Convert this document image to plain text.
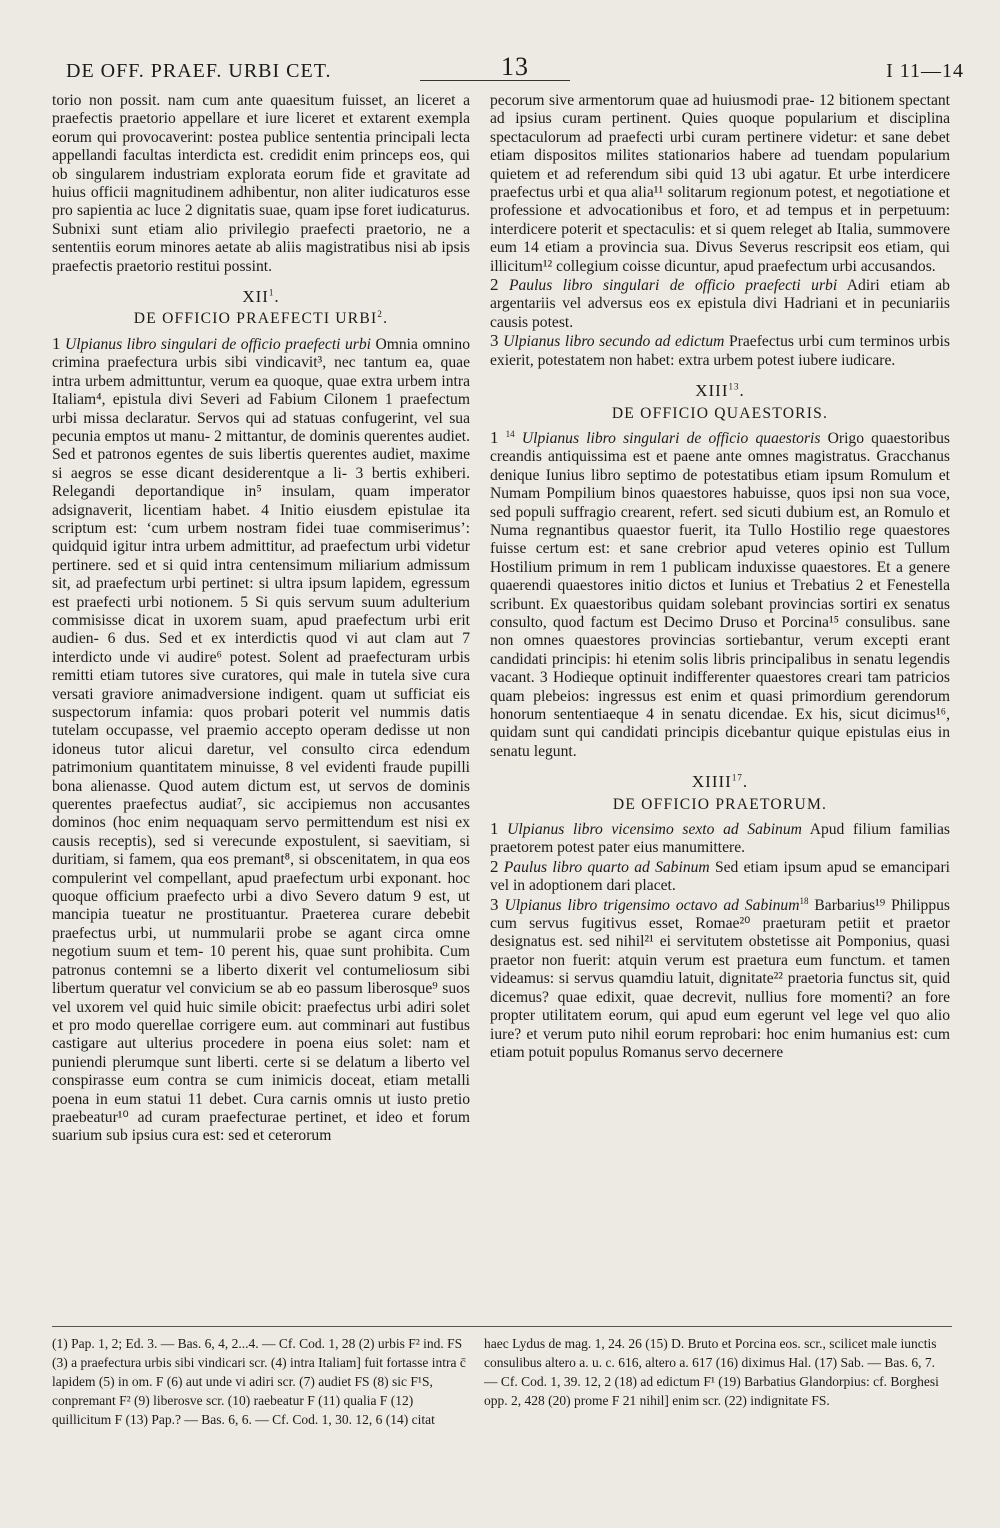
DE OFF. PRAEF. URBI CET.	13	I 11—14

torio non possit. nam cum ante quaesitum fuisset, an liceret a praefectis praetorio appellare et iure liceret et extarent exempla eorum qui provocaverint: postea publice sententia principali lecta appellandi facultas interdicta est. credidit enim princeps eos, qui ob singularem industriam explorata eorum fide et gravitate ad huius officii magnitudinem adhibentur, non aliter iudicaturos esse pro sapientia ac luce 2 dignitatis suae, quam ipse foret iudicaturus. Subnixi sunt etiam alio privilegio praefecti praetorio, ne a sententiis eorum minores aetate ab aliis magistratibus nisi ab ipsis praefectis praetorio restitui possint.

XII$^1$.
DE OFFICIO PRAEFECTI URBI$^2$.

1 Ulpianus libro singulari de officio praefecti urbi Omnia omnino crimina praefectura urbis sibi vindicavit³, nec tantum ea, quae intra urbem admittuntur, verum ea quoque, quae extra urbem intra Italiam⁴, epistula divi Severi ad Fabium Cilonem 1 praefectum urbi missa declaratur. Servos qui ad statuas confugerint, vel sua pecunia emptos ut manu- 2 mittantur, de dominis querentes audiet. Sed et patronos egentes de suis libertis querentes audiet, maxime si aegros se esse dicant desiderentque a li- 3 bertis exhiberi. Relegandi deportandique in⁵ insulam, quam imperator adsignaverit, licentiam habet. 4 Initio eiusdem epistulae ita scriptum est: ‘cum urbem nostram fidei tuae commiserimus’: quidquid igitur intra urbem admittitur, ad praefectum urbi videtur pertinere. sed et si quid intra centensimum miliarium admissum sit, ad praefectum urbi pertinet: si ultra ipsum lapidem, egressum est praefecti urbi notionem. 5 Si quis servum suum adulterium commisisse dicat in uxorem suam, apud praefectum urbi erit audien- 6 dus. Sed et ex interdictis quod vi aut clam aut 7 interdicto unde vi audire⁶ potest. Solent ad praefecturam urbis remitti etiam tutores sive curatores, qui male in tutela sive cura versati graviore animadversione indigent. quam ut sufficiat eis suspectorum infamia: quos probari poterit vel nummis datis tutelam occupasse, vel praemio accepto operam dedisse ut non idoneus tutor alicui daretur, vel consulto circa edendum patrimonium quantitatem minuisse, 8 vel evidenti fraude pupilli bona alienasse. Quod autem dictum est, ut servos de dominis querentes praefectus audiat⁷, sic accipiemus non accusantes dominos (hoc enim nequaquam servo permittendum est nisi ex causis receptis), sed si verecunde expostulent, si saevitiam, si duritiam, si famem, qua eos premant⁸, si obscenitatem, in qua eos compulerint vel compellant, apud praefectum urbi exponant. hoc quoque officium praefecto urbi a divo Severo datum 9 est, ut mancipia tueatur ne prostituantur. Praeterea curare debebit praefectus urbi, ut nummularii probe se agant circa omne negotium suum et tem- 10 perent his, quae sunt prohibita. Cum patronus contemni se a liberto dixerit vel contumeliosum sibi libertum queratur vel convicium se ab eo passum liberosque⁹ suos vel uxorem vel quid huic simile obicit: praefectus urbi adiri solet et pro modo querellae corrigere eum. aut comminari aut fustibus castigare aut ulterius procedere in poena eius solet: nam et puniendi plerumque sunt liberti. certe si se delatum a liberto vel conspirasse eum contra se cum inimicis doceat, etiam metalli poena in eum statui 11 debet. Cura carnis omnis ut iusto pretio praebeatur¹⁰ ad curam praefecturae pertinet, et ideo et forum suarium sub ipsius cura est: sed et ceterorum

pecorum sive armentorum quae ad huiusmodi prae- 12 bitionem spectant ad ipsius curam pertinent. Quies quoque popularium et disciplina spectaculorum ad praefecti urbi curam pertinere videtur: et sane debet etiam dispositos milites stationarios habere ad tuendam popularium quietem et ad referendum sibi quid 13 ubi agatur. Et urbe interdicere praefectus urbi et qua alia¹¹ solitarum regionum potest, et negotiatione et professione et advocationibus et foro, et ad tempus et in perpetuum: interdicere poterit et spectaculis: et si quem releget ab Italia, summovere eum 14 etiam a provincia sua. Divus Severus rescripsit eos etiam, qui illicitum¹² collegium coisse dicuntur, apud praefectum urbi accusandos.

2 Paulus libro singulari de officio praefecti urbi Adiri etiam ab argentariis vel adversus eos ex epistula divi Hadriani et in pecuniariis causis potest.

3 Ulpianus libro secundo ad edictum Praefectus urbi cum terminos urbis exierit, potestatem non habet: extra urbem potest iubere iudicare.

XIII$^{13}$.
DE OFFICIO QUAESTORIS.

1 $^{14}$ Ulpianus libro singulari de officio quaestoris Origo quaestoribus creandis antiquissima est et paene ante omnes magistratus. Gracchanus denique Iunius libro septimo de potestatibus etiam ipsum Romulum et Numam Pompilium binos quaestores habuisse, quos ipsi non sua voce, sed populi suffragio crearent, refert. sed sicuti dubium est, an Romulo et Numa regnantibus quaestor fuerit, ita Tullo Hostilio rege quaestores fuisse certum est: et sane crebrior apud veteres opinio est Tullum Hostilium primum in rem 1 publicam induxisse quaestores. Et a genere quaerendi quaestores initio dictos et Iunius et Trebatius 2 et Fenestella scribunt. Ex quaestoribus quidam solebant provincias sortiri ex senatus consulto, quod factum est Decimo Druso et Porcina¹⁵ consulibus. sane non omnes quaestores provincias sortiebantur, verum excepti erant candidati principis: hi etenim solis libris principalibus in senatu legendis vacant. 3 Hodieque optinuit indifferenter quaestores creari tam patricios quam plebeios: ingressus est enim et quasi primordium gerendorum honorum sententiaeque 4 in senatu dicendae. Ex his, sicut dicimus¹⁶, quidam sunt qui candidati principis dicebantur quique epistulas eius in senatu legunt.

XIIII$^{17}$.
DE OFFICIO PRAETORUM.

1 Ulpianus libro vicensimo sexto ad Sabinum Apud filium familias praetorem potest pater eius manumittere.

2 Paulus libro quarto ad Sabinum Sed etiam ipsum apud se emancipari vel in adoptionem dari placet.

3 Ulpianus libro trigensimo octavo ad Sabinum$^{18}$ Barbarius¹⁹ Philippus cum servus fugitivus esset, Romae²⁰ praeturam petiit et praetor designatus est. sed nihil²¹ ei servitutem obstetisse ait Pomponius, quasi praetor non fuerit: atquin verum est praetura eum functum. et tamen videamus: si servus quamdiu latuit, dignitate²² praetoria functus sit, quid dicemus? quae edixit, quae decrevit, nullius fore momenti? an fore propter utilitatem eorum, qui apud eum egerunt vel lege vel quo alio iure? et verum puto nihil eorum reprobari: hoc enim humanius est: cum etiam potuit populus Romanus servo decernere

(1) Pap. 1, 2; Ed. 3. — Bas. 6, 4, 2...4. — Cf. Cod. 1, 28 (2) urbis F² ind. FS (3) a praefectura urbis sibi vindicari scr. (4) intra Italiam] fuit fortasse intra c̄ lapidem (5) in om. F (6) aut unde vi adiri scr. (7) audiet FS (8) sic F¹S, conpremant F² (9) liberosve scr. (10) raebeatur F (11) qualia F (12) quillicitum F (13) Pap.? — Bas. 6, 6. — Cf. Cod. 1, 30. 12, 6 (14) citat
haec Lydus de mag. 1, 24. 26 (15) D. Bruto et Porcina eos. scr., scilicet male iunctis consulibus altero a. u. c. 616, altero a. 617 (16) diximus Hal. (17) Sab. — Bas. 6, 7. — Cf. Cod. 1, 39. 12, 2 (18) ad edictum F¹ (19) Barbatius Glandorpius: cf. Borghesi opp. 2, 428 (20) prome F 21 nihil] enim scr. (22) indignitate FS.
